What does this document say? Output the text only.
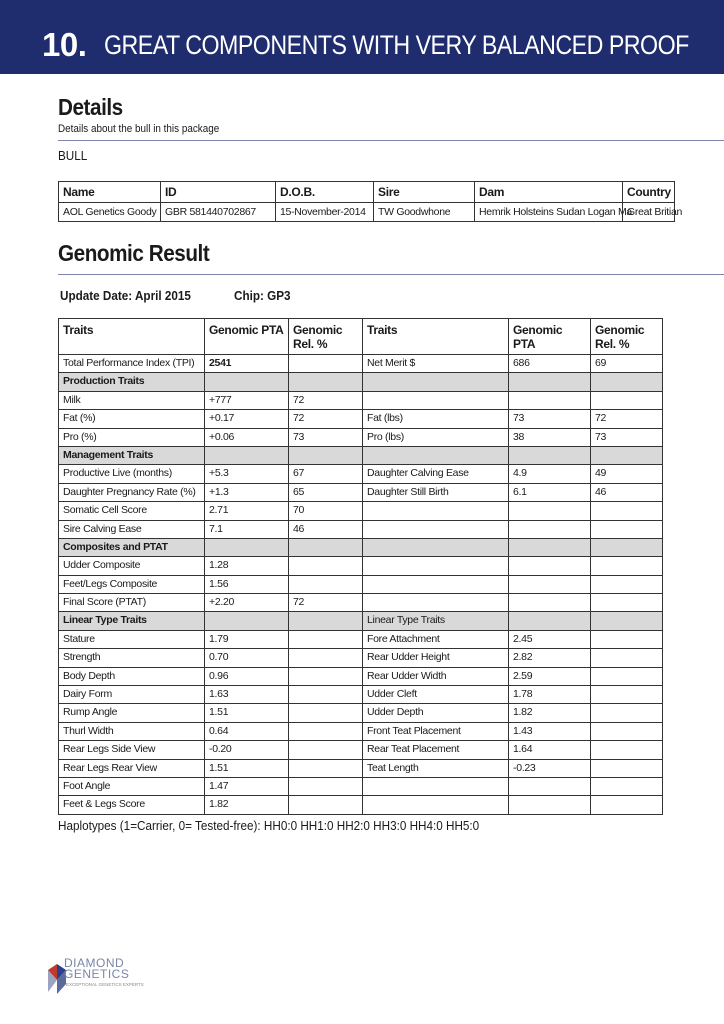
10. GREAT COMPONENTS WITH VERY BALANCED PROOF
Details
Details about the bull in this package
BULL
Name	ID	D.O.B.	Sire	Dam	Country
AOL Genetics Goody	GBR 581440702867	15-November-2014	TW Goodwhone	Hemrik Holsteins Sudan Logan Ma	Great Britian
Genomic Result
Update Date: April 2015	Chip: GP3
Traits	Genomic PTA	Genomic Rel. %	Traits	Genomic PTA	Genomic Rel. %
Total Performance Index (TPI)	2541		Net Merit $	686	69
Production Traits					
Milk	+777	72			
Fat (%)	+0.17	72	Fat (lbs)	73	72
Pro (%)	+0.06	73	Pro (lbs)	38	73
Management Traits					
Productive Live (months)	+5.3	67	Daughter Calving Ease	4.9	49
Daughter Pregnancy Rate (%)	+1.3	65	Daughter Still Birth	6.1	46
Somatic Cell Score	2.71	70			
Sire Calving Ease	7.1	46			
Composites and PTAT					
Udder Composite	1.28				
Feet/Legs Composite	1.56				
Final Score (PTAT)	+2.20	72			
Linear Type Traits			Linear Type Traits		
Stature	1.79		Fore Attachment	2.45	
Strength	0.70		Rear Udder Height	2.82	
Body Depth	0.96		Rear Udder Width	2.59	
Dairy Form	1.63		Udder Cleft	1.78	
Rump Angle	1.51		Udder Depth	1.82	
Thurl Width	0.64		Front Teat Placement	1.43	
Rear Legs Side View	-0.20		Rear Teat Placement	1.64	
Rear Legs Rear View	1.51		Teat Length	-0.23	
Foot Angle	1.47				
Feet & Legs Score	1.82				
Haplotypes (1=Carrier, 0= Tested-free): HH0:0 HH1:0 HH2:0 HH3:0 HH4:0 HH5:0
DIAMOND
GENETICS
EXCEPTIONAL GENETICS EXPERTS
